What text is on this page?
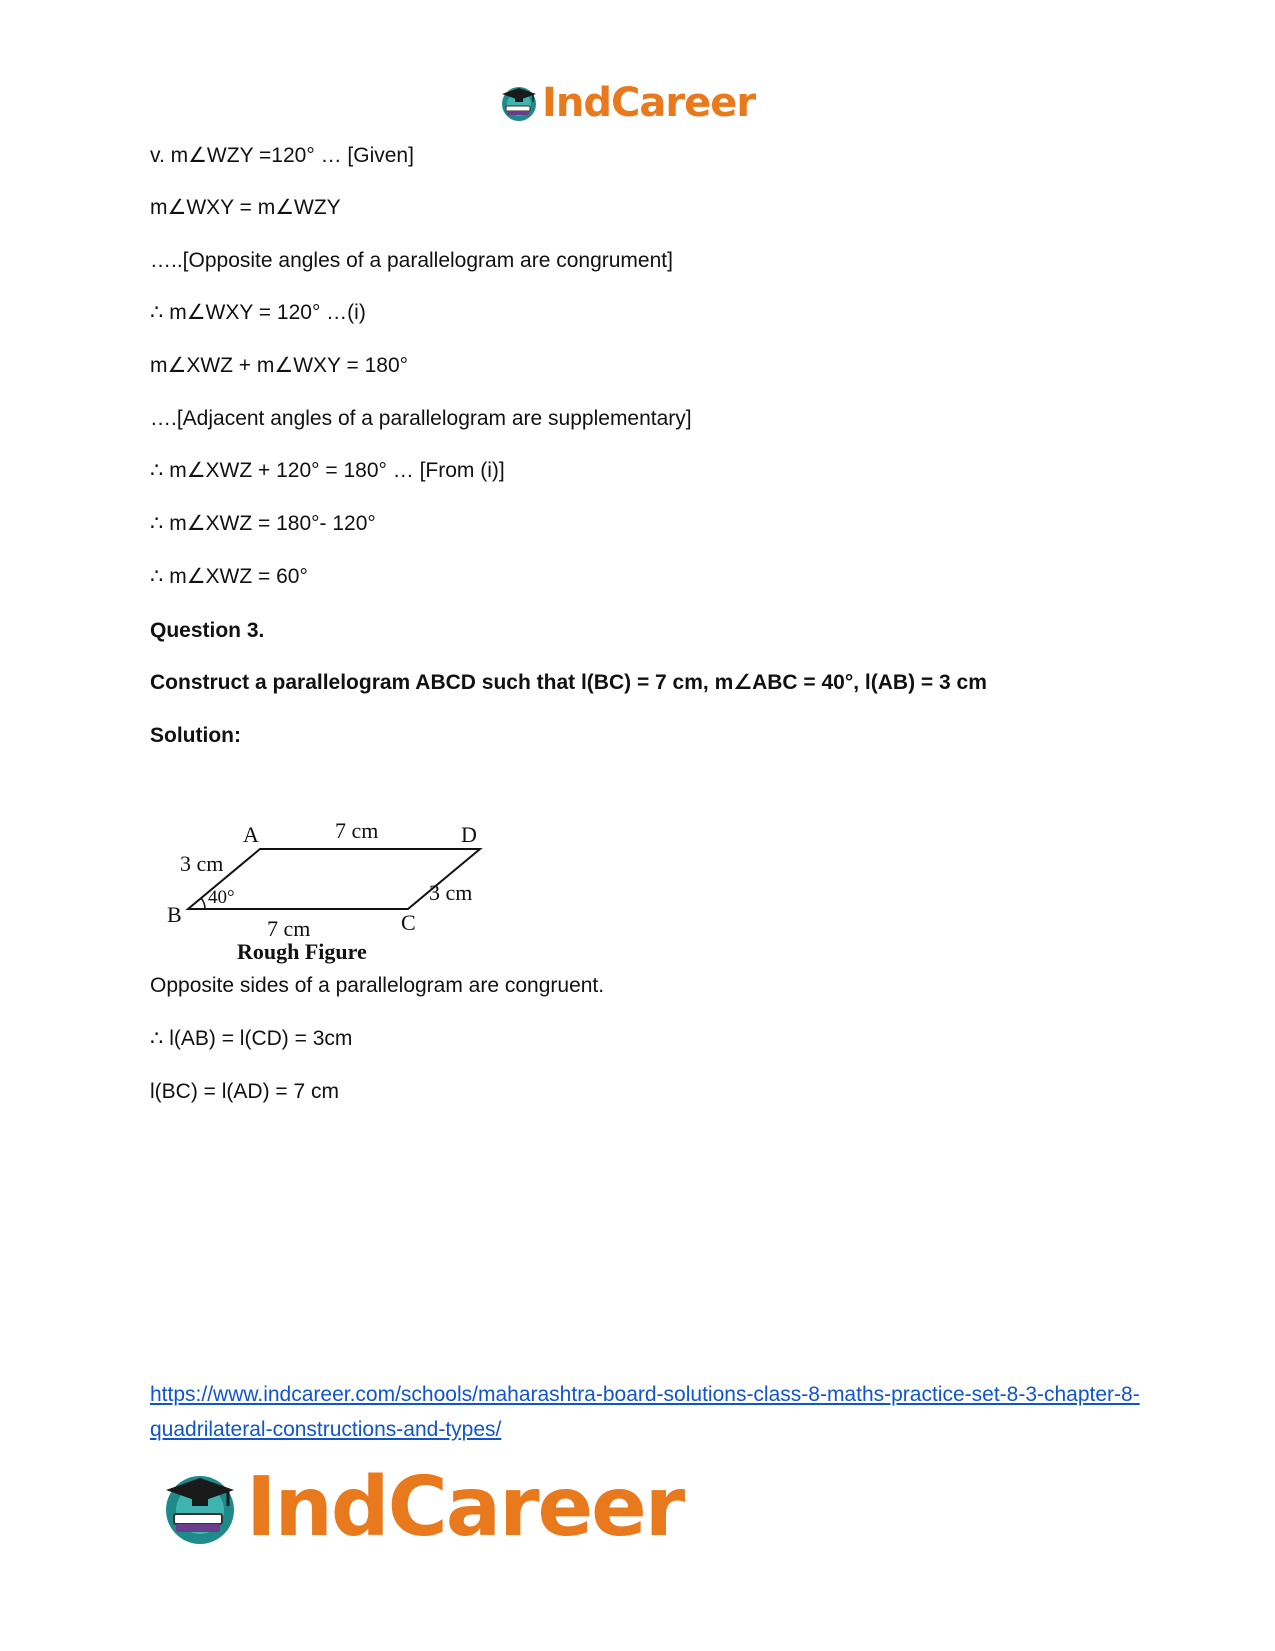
IndCareer
v. m∠WZY =120° … [Given]
m∠WXY = m∠WZY
…..[Opposite angles of a parallelogram are congrument]
∴ m∠WXY = 120° …(i)
m∠XWZ + m∠WXY = 180°
….[Adjacent angles of a parallelogram are supplementary]
∴ m∠XWZ + 120° = 180° … [From (i)]
∴ m∠XWZ = 180°- 120°
∴ m∠XWZ = 60°
Question 3.
Construct a parallelogram ABCD such that l(BC) = 7 cm, m∠ABC = 40°, l(AB) = 3 cm
Solution:
A
B	C
D
7 cm
7 cm
3 cm
3 cm
40°
Rough Figure
Opposite sides of a parallelogram are congruent.
∴ l(AB) = l(CD) = 3cm
l(BC) = l(AD) = 7 cm
https://www.indcareer.com/schools/maharashtra-board-solutions-class-8-maths-practice-set-8-3-chapter-8-quadrilateral-constructions-and-types/
IndCareer
